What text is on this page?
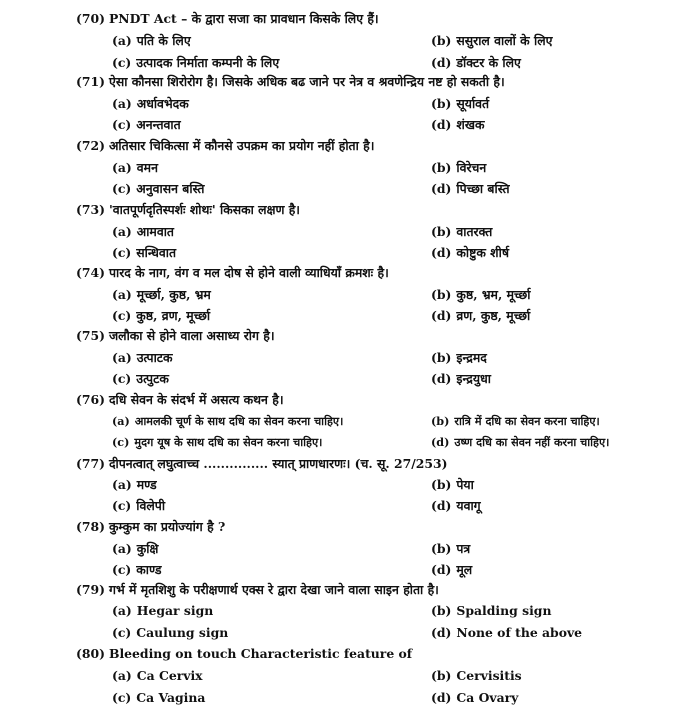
(70) PNDT Act – के द्वारा सजा का प्रावधान किसके लिए हैं।
(a) पति के लिए	(b) ससुराल वालों के लिए
(c) उत्पादक निर्माता कम्पनी के लिए	(d) डॉक्टर के लिए
(71) ऐसा कौनसा शिरोरोग है। जिसके अधिक बढ जाने पर नेत्र व श्रवणेन्द्रिय नष्ट हो सकती है।
(a) अर्धावभेदक	(b) सूर्यावर्त
(c) अनन्तवात	(d) शंखक
(72) अतिसार चिकित्सा में कौनसे उपक्रम का प्रयोग नहीं होता है।
(a) वमन	(b) विरेचन
(c) अनुवासन बस्ति	(d) पिच्छा बस्ति
(73) 'वातपूर्णदृतिस्पर्शः शोथः' किसका लक्षण है।
(a) आमवात	(b) वातरक्त
(c) सन्धिवात	(d) कोष्टुक शीर्ष
(74) पारद के नाग, वंग व मल दोष से होने वाली व्याधियाँ क्रमशः है।
(a) मूर्च्छा, कुष्ठ, भ्रम	(b) कुष्ठ, भ्रम, मूर्च्छा
(c) कुष्ठ, व्रण, मूर्च्छा	(d) व्रण, कुष्ठ, मूर्च्छा
(75) जलौका से होने वाला असाध्य रोग है।
(a) उत्पाटक	(b) इन्द्रमद
(c) उत्पुटक	(d) इन्द्रयुधा
(76) दधि सेवन के संदर्भ में असत्य कथन है।
(a) आमलकी चूर्ण के साथ दधि का सेवन करना चाहिए।	(b) रात्रि में दधि का सेवन करना चाहिए।
(c) मुदग यूष के साथ दधि का सेवन करना चाहिए।	(d) उष्ण दधि का सेवन नहीं करना चाहिए।
(77) दीपनत्वात् लघुत्वाच्च ............... स्यात् प्राणधारणः। (च. सू. 27/253)
(a) मण्ड	(b) पेया
(c) विलेपी	(d) यवागू
(78) कुम्कुम का प्रयोज्यांग है ?
(a) कुक्षि	(b) पत्र
(c) काण्ड	(d) मूल
(79) गर्भ में मृतशिशु के परीक्षणार्थ एक्स रे द्वारा देखा जाने वाला साइन होता है।
(a) Hegar sign	(b) Spalding sign
(c) Caulung sign	(d) None of the above
(80) Bleeding on touch Characteristic feature of
(a) Ca Cervix	(b) Cervisitis
(c) Ca Vagina	(d) Ca Ovary
